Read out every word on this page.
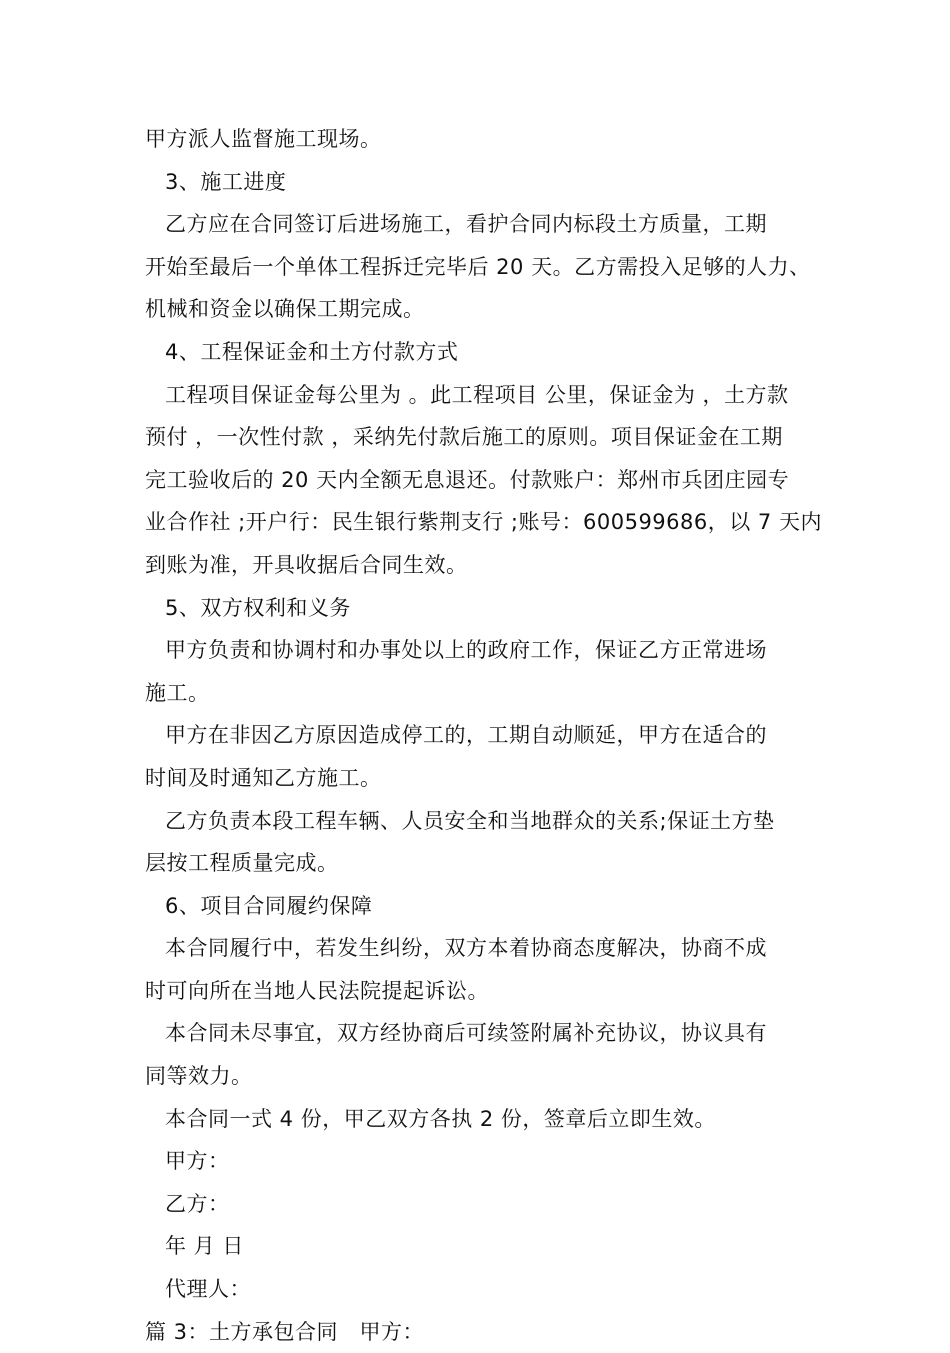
甲方派人监督施工现场。
3、施工进度
乙方应在合同签订后进场施工，看护合同内标段土方质量，工期
开始至最后一个单体工程拆迁完毕后 20 天。乙方需投入足够的人力、
机械和资金以确保工期完成。
4、工程保证金和土方付款方式
工程项目保证金每公里为 。此工程项目 公里，保证金为 ，土方款
预付 ，一次性付款 ，采纳先付款后施工的原则。项目保证金在工期
完工验收后的 20 天内全额无息退还。付款账户：郑州市兵团庄园专
业合作社 ;开户行：民生银行紫荆支行 ;账号：600599686，以 7 天内
到账为准，开具收据后合同生效。
5、双方权利和义务
甲方负责和协调村和办事处以上的政府工作，保证乙方正常进场
施工。
甲方在非因乙方原因造成停工的，工期自动顺延，甲方在适合的
时间及时通知乙方施工。
乙方负责本段工程车辆、人员安全和当地群众的关系;保证土方垫
层按工程质量完成。
6、项目合同履约保障
本合同履行中，若发生纠纷，双方本着协商态度解决，协商不成
时可向所在当地人民法院提起诉讼。
本合同未尽事宜，双方经协商后可续签附属补充协议，协议具有
同等效力。
本合同一式 4 份，甲乙双方各执 2 份，签章后立即生效。
甲方：
乙方：
年 月 日
代理人：
篇 3：土方承包合同　甲方：
